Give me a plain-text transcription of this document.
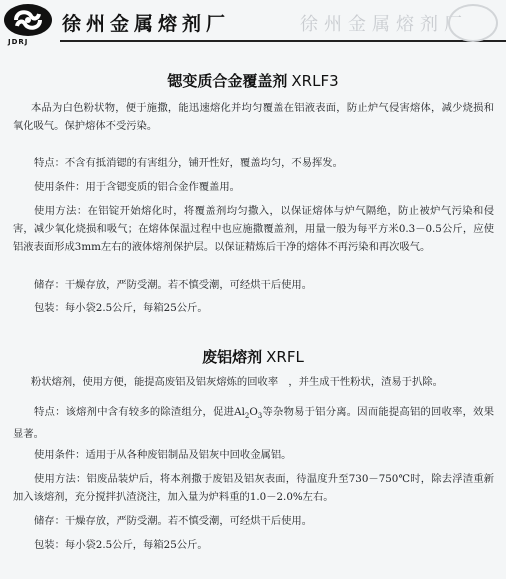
JDRJ
徐州金属熔剂厂	徐州金属熔剂厂
锶变质合金覆盖剂 XRLF3

本品为白色粉状物，便于施撒，能迅速熔化并均匀覆盖在铝液表面，防止炉气侵害熔体，减少烧损和氧化吸气。保护熔体不受污染。

特点：不含有抵消锶的有害组分，铺开性好，覆盖均匀，不易挥发。

使用条件：用于含锶变质的铝合金作覆盖用。

使用方法：在铝锭开始熔化时，将覆盖剂均匀撒入，以保证熔体与炉气隔绝，防止被炉气污染和侵害，减少氧化烧损和吸气；在熔体保温过程中也应施撒覆盖剂，用量一般为每平方米0.3－0.5公斤，应使铝液表面形成3mm左右的液体熔剂保护层。以保证精炼后干净的熔体不再污染和再次吸气。

储存：干燥存放，严防受潮。若不慎受潮，可经烘干后使用。

包装：每小袋2.5公斤，每箱25公斤。

废铝熔剂 XRFL

粉状熔剂，使用方便，能提高废铝及铝灰熔炼的回收率　，并生成干性粉状，渣易于扒除。

特点：该熔剂中含有较多的除渣组分，促进$Al_2O_3$等杂物易于铝分离。因而能提高铝的回收率，效果显著。

使用条件：适用于从各种废铝制品及铝灰中回收金属铝。

使用方法：铝废品装炉后，将本剂撒于废铝及铝灰表面，待温度升至730－750℃时，除去浮渣重新加入该熔剂，充分搅拌扒渣浇注，加入量为炉料重的1.0－2.0%左右。

储存：干燥存放，严防受潮。若不慎受潮，可经烘干后使用。

包装：每小袋2.5公斤，每箱25公斤。
